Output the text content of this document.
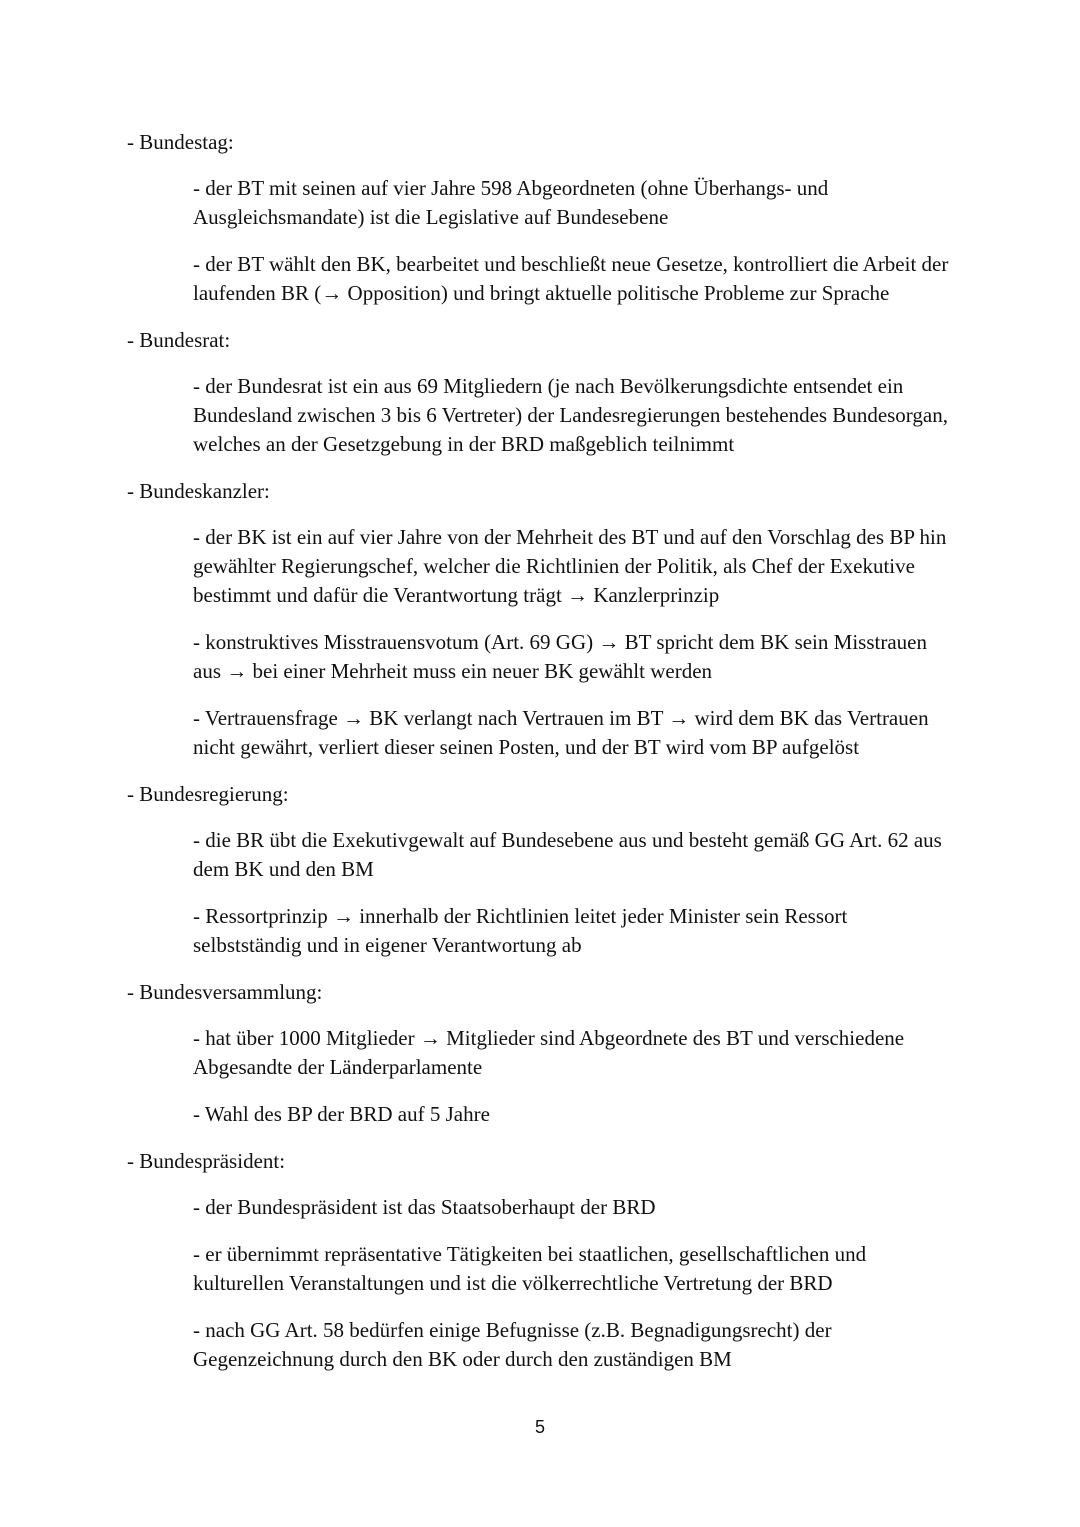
- Bundestag:
- der BT mit seinen auf vier Jahre 598 Abgeordneten (ohne Überhangs- und Ausgleichsmandate) ist die Legislative auf Bundesebene
- der BT wählt den BK, bearbeitet und beschließt neue Gesetze, kontrolliert die Arbeit der laufenden BR (→ Opposition) und bringt aktuelle politische Probleme zur Sprache
- Bundesrat:
- der Bundesrat ist ein aus 69 Mitgliedern (je nach Bevölkerungsdichte entsendet ein Bundesland zwischen 3 bis 6 Vertreter) der Landesregierungen bestehendes Bundesorgan, welches an der Gesetzgebung in der BRD maßgeblich teilnimmt
- Bundeskanzler:
- der BK ist ein auf vier Jahre von der Mehrheit des BT und auf den Vorschlag des BP hin gewählter Regierungschef, welcher die Richtlinien der Politik, als Chef der Exekutive bestimmt und dafür die Verantwortung trägt → Kanzlerprinzip
- konstruktives Misstrauensvotum (Art. 69 GG) → BT spricht dem BK sein Misstrauen aus → bei einer Mehrheit muss ein neuer BK gewählt werden
- Vertrauensfrage → BK verlangt nach Vertrauen im BT → wird dem BK das Vertrauen nicht gewährt, verliert dieser seinen Posten, und der BT wird vom BP aufgelöst
- Bundesregierung:
- die BR übt die Exekutivgewalt auf Bundesebene aus und besteht gemäß GG Art. 62 aus dem BK und den BM
- Ressortprinzip → innerhalb der Richtlinien leitet jeder Minister sein Ressort selbstständig und in eigener Verantwortung ab
- Bundesversammlung:
- hat über 1000 Mitglieder → Mitglieder sind Abgeordnete des BT und verschiedene Abgesandte der Länderparlamente
- Wahl des BP der BRD auf 5 Jahre
- Bundespräsident:
- der Bundespräsident ist das Staatsoberhaupt der BRD
- er übernimmt repräsentative Tätigkeiten bei staatlichen, gesellschaftlichen und kulturellen Veranstaltungen und ist die völkerrechtliche Vertretung der BRD
- nach GG Art. 58 bedürfen einige Befugnisse (z.B. Begnadigungsrecht) der Gegenzeichnung durch den BK oder durch den zuständigen BM
5
